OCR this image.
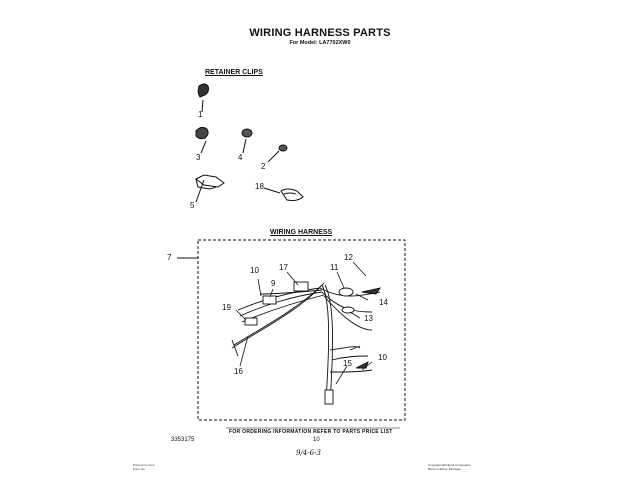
WIRING HARNESS PARTS
For Model: LA7702XW0
RETAINER CLIPS
WIRING HARNESS
1
3	4
2
5
18
7
10	17
9
11
12
14
19
13
16
15
10
FOR ORDERING INFORMATION REFER TO PARTS PRICE LIST
3353175	10
9/4-6-3
Printed in U.S.A.
Form No.
Copyright Whirlpool Corporation
Benton Harbor, Michigan
